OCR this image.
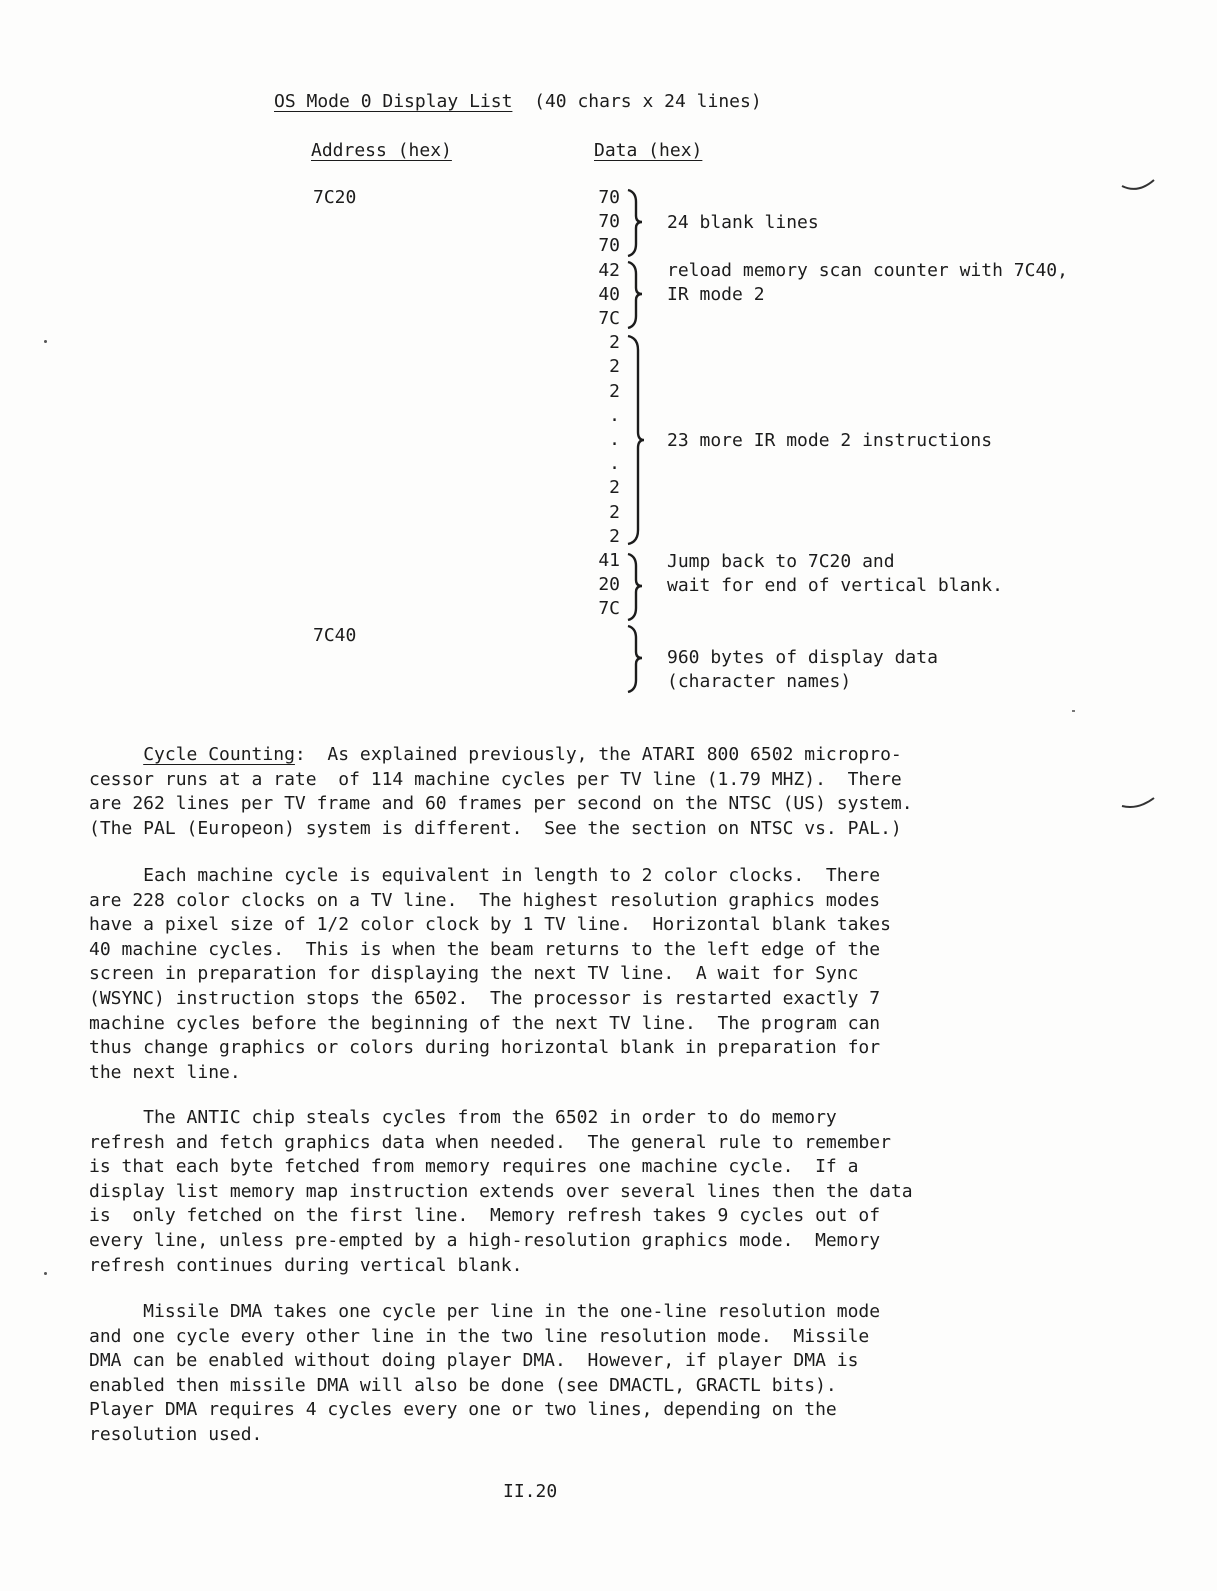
OS Mode 0 Display List (40 chars x 24 lines)
Address (hex)	Data (hex)
7C20
7C40
70
70
70
42
40
7C
2
2
2
.
.
.
2
2
2
41
20
7C
24 blank lines
reload memory scan counter with 7C40,
IR mode 2
23 more IR mode 2 instructions
Jump back to 7C20 and
wait for end of vertical blank.
960 bytes of display data
(character names)
Cycle Counting:  As explained previously, the ATARI 800 6502 micropro-
cessor runs at a rate  of 114 machine cycles per TV line (1.79 MHZ).  There
are 262 lines per TV frame and 60 frames per second on the NTSC (US) system.
(The PAL (Europeon) system is different.  See the section on NTSC vs. PAL.)
Each machine cycle is equivalent in length to 2 color clocks.  There
are 228 color clocks on a TV line.  The highest resolution graphics modes
have a pixel size of 1/2 color clock by 1 TV line.  Horizontal blank takes
40 machine cycles.  This is when the beam returns to the left edge of the
screen in preparation for displaying the next TV line.  A wait for Sync
(WSYNC) instruction stops the 6502.  The processor is restarted exactly 7
machine cycles before the beginning of the next TV line.  The program can
thus change graphics or colors during horizontal blank in preparation for
the next line.
The ANTIC chip steals cycles from the 6502 in order to do memory
refresh and fetch graphics data when needed.  The general rule to remember
is that each byte fetched from memory requires one machine cycle.  If a
display list memory map instruction extends over several lines then the data
is  only fetched on the first line.  Memory refresh takes 9 cycles out of
every line, unless pre-empted by a high-resolution graphics mode.  Memory
refresh continues during vertical blank.
Missile DMA takes one cycle per line in the one-line resolution mode
and one cycle every other line in the two line resolution mode.  Missile
DMA can be enabled without doing player DMA.  However, if player DMA is
enabled then missile DMA will also be done (see DMACTL, GRACTL bits).
Player DMA requires 4 cycles every one or two lines, depending on the
resolution used.
II.20
